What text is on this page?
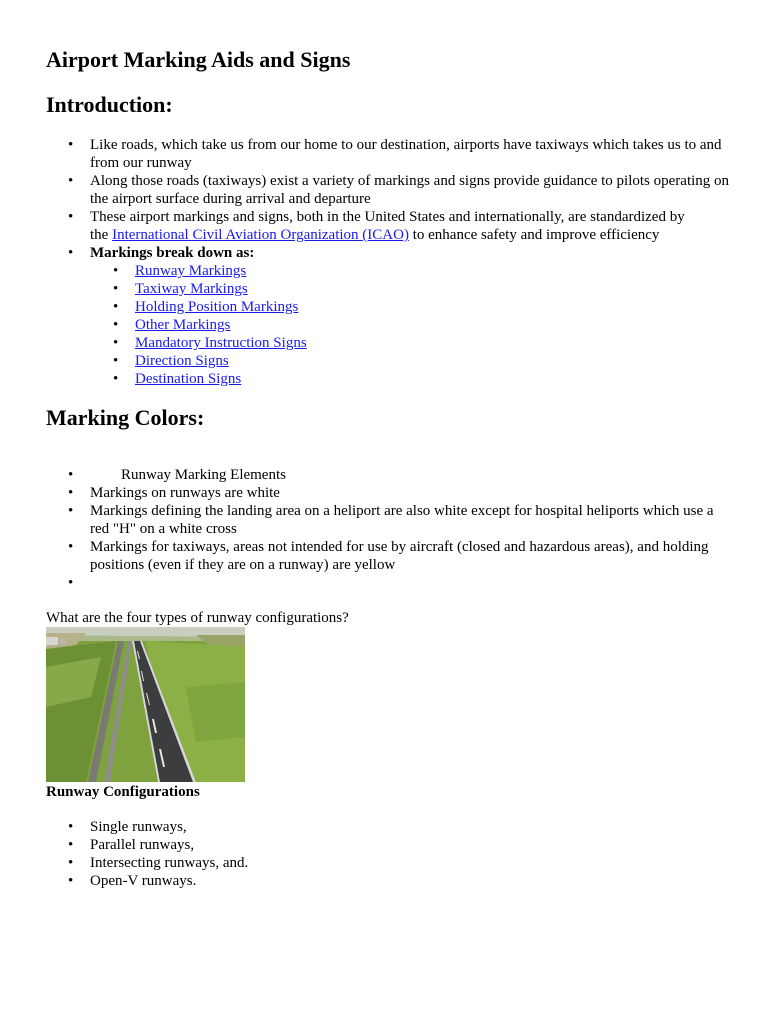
Airport Marking Aids and Signs
Introduction:
• Like roads, which take us from our home to our destination, airports have taxiways which takes us to and from our runway
• Along those roads (taxiways) exist a variety of markings and signs provide guidance to pilots operating on the airport surface during arrival and departure
• These airport markings and signs, both in the United States and internationally, are standardized by the International Civil Aviation Organization (ICAO) to enhance safety and improve efficiency
• Markings break down as:
• Runway Markings
• Taxiway Markings
• Holding Position Markings
• Other Markings
• Mandatory Instruction Signs
• Direction Signs
• Destination Signs
Marking Colors:
• Runway Marking Elements
• Markings on runways are white
• Markings defining the landing area on a heliport are also white except for hospital heliports which use a red "H" on a white cross
• Markings for taxiways, areas not intended for use by aircraft (closed and hazardous areas), and holding positions (even if they are on a runway) are yellow
•

What are the four types of runway configurations?

Runway Configurations

• Single runways,
• Parallel runways,
• Intersecting runways, and.
• Open-V runways.
